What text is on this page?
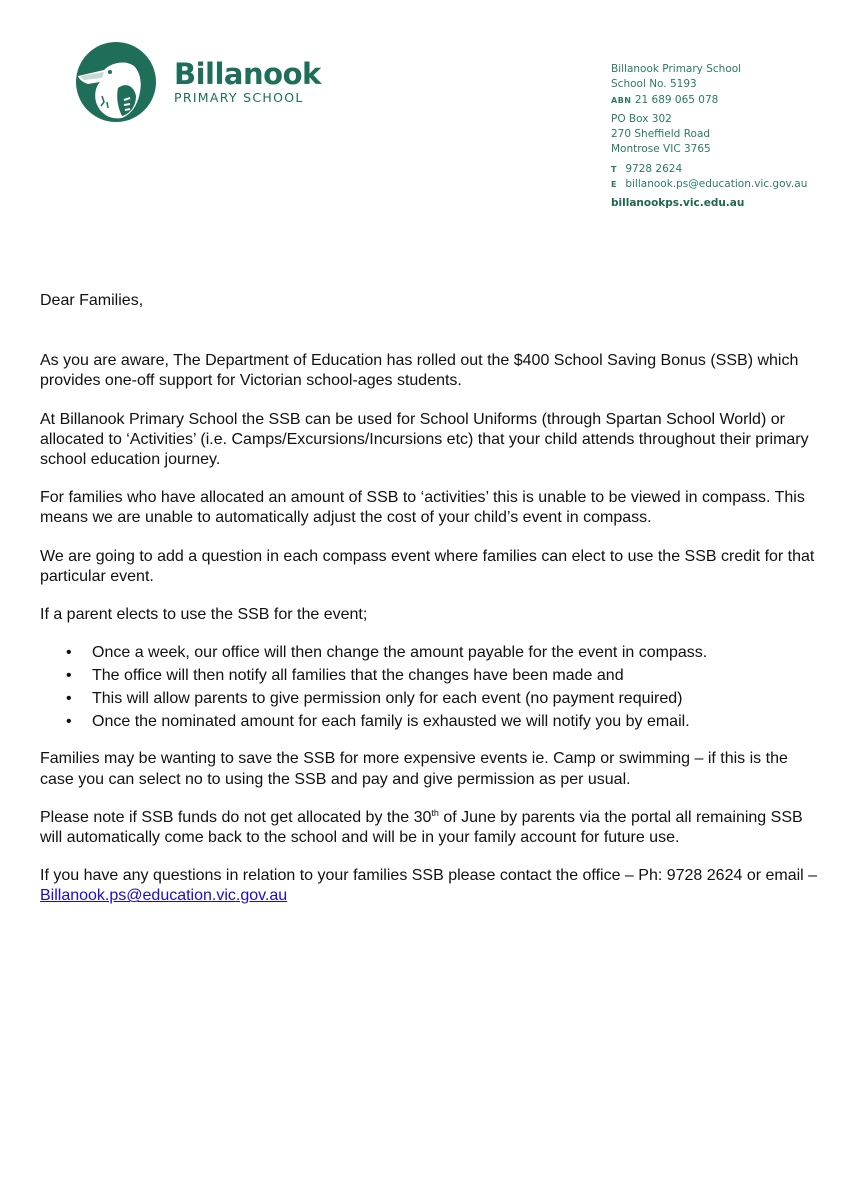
Billanook
PRIMARY SCHOOL
Billanook Primary School
School No. 5193
ABN 21 689 065 078
PO Box 302
270 Sheffield Road
Montrose VIC 3765
T 9728 2624
E billanook.ps@education.vic.gov.au
billanookps.vic.edu.au

Dear Families,

As you are aware, The Department of Education has rolled out the $400 School Saving Bonus (SSB) which provides one-off support for Victorian school-ages students.

At Billanook Primary School the SSB can be used for School Uniforms (through Spartan School World) or allocated to ‘Activities’ (i.e. Camps/Excursions/Incursions etc) that your child attends throughout their primary school education journey.

For families who have allocated an amount of SSB to ‘activities’ this is unable to be viewed in compass. This means we are unable to automatically adjust the cost of your child’s event in compass.

We are going to add a question in each compass event where families can elect to use the SSB credit for that particular event.

If a parent elects to use the SSB for the event;

• Once a week, our office will then change the amount payable for the event in compass.
• The office will then notify all families that the changes have been made and
• This will allow parents to give permission only for each event (no payment required)
• Once the nominated amount for each family is exhausted we will notify you by email.

Families may be wanting to save the SSB for more expensive events ie. Camp or swimming – if this is the case you can select no to using the SSB and pay and give permission as per usual.

Please note if SSB funds do not get allocated by the 30th of June by parents via the portal all remaining SSB will automatically come back to the school and will be in your family account for future use.

If you have any questions in relation to your families SSB please contact the office – Ph: 9728 2624 or email – Billanook.ps@education.vic.gov.au
